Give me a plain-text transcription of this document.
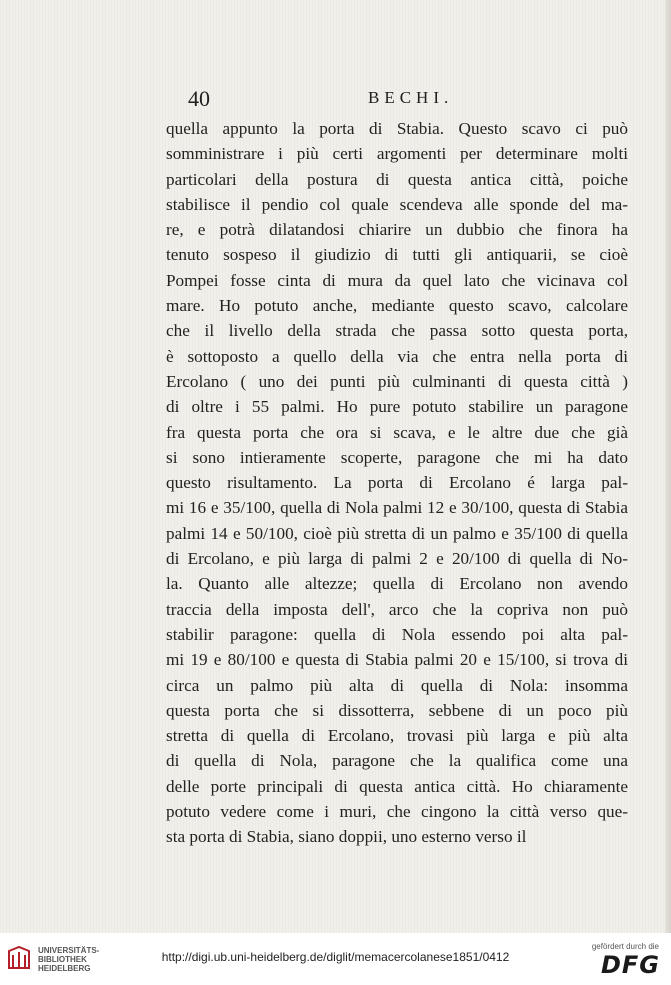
40	BECHI.
quella appunto la porta di Stabia. Questo scavo ci può
somministrare i più certi argomenti per determinare molti
particolari della postura di questa antica città, poiche
stabilisce il pendio col quale scendeva alle sponde del ma-
re, e potrà dilatandosi chiarire un dubbio che finora ha
tenuto sospeso il giudizio di tutti gli antiquarii, se cioè
Pompei fosse cinta di mura da quel lato che vicinava col
mare. Ho potuto anche, mediante questo scavo, calcolare
che il livello della strada che passa sotto questa porta,
è sottoposto a quello della via che entra nella porta di
Ercolano ( uno dei punti più culminanti di questa città )
di oltre i 55 palmi. Ho pure potuto stabilire un paragone
fra questa porta che ora si scava, e le altre due che già
si sono intieramente scoperte, paragone che mi ha dato
questo risultamento. La porta di Ercolano é larga pal-
mi 16 e 35/100, quella di Nola palmi 12 e 30/100, questa di Stabia
palmi 14 e 50/100, cioè più stretta di un palmo e 35/100 di quella
di Ercolano, e più larga di palmi 2 e 20/100 di quella di No-
la. Quanto alle altezze; quella di Ercolano non avendo
traccia della imposta dell', arco che la copriva non può
stabilir paragone: quella di Nola essendo poi alta pal-
mi 19 e 80/100 e questa di Stabia palmi 20 e 15/100, si trova di
circa un palmo più alta di quella di Nola: insomma
questa porta che si dissotterra, sebbene di un poco più
stretta di quella di Ercolano, trovasi più larga e più alta
di quella di Nola, paragone che la qualifica come una
delle porte principali di questa antica città. Ho chiaramente
potuto vedere come i muri, che cingono la città verso que-
sta porta di Stabia, siano doppii, uno esterno verso il
UNIVERSITÄTS-
BIBLIOTHEK
HEIDELBERG
http://digi.ub.uni-heidelberg.de/diglit/memacercolanese1851/0412
gefördert durch die
DFG
